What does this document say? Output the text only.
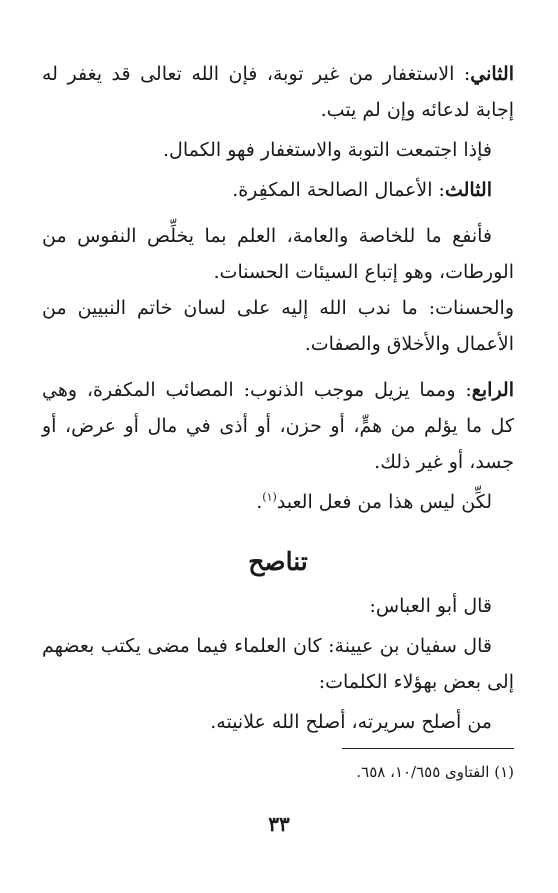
الثاني: الاستغفار من غير توبة، فإن الله تعالى قد يغفر له إجابة لدعائه وإن لم يتب.

فإذا اجتمعت التوبة والاستغفار فهو الكمال.

الثالث: الأعمال الصالحة المكفِرة.

فأنفع ما للخاصة والعامة، العلم بما يخلِّص النفوس من الورطات، وهو إتباع السيئات الحسنات.

والحسنات: ما ندب الله إليه على لسان خاتم النبيين من الأعمال والأخلاق والصفات.

الرابع: ومما يزيل موجب الذنوب: المصائب المكفرة، وهي كل ما يؤلم من همٍّ، أو حزن، أو أذى في مال أو عرض، أو جسد، أو غير ذلك.

لكِّن ليس هذا من فعل العبد$^{(١)}$.

تناصح

قال أبو العباس:

قال سفيان بن عيينة: كان العلماء فيما مضى يكتب بعضهم إلى بعض بهؤلاء الكلمات:

من أصلح سريرته، أصلح الله علانيته.

(١) الفتاوى ١٠/٦٥٥، ٦٥٨.
٣٣
